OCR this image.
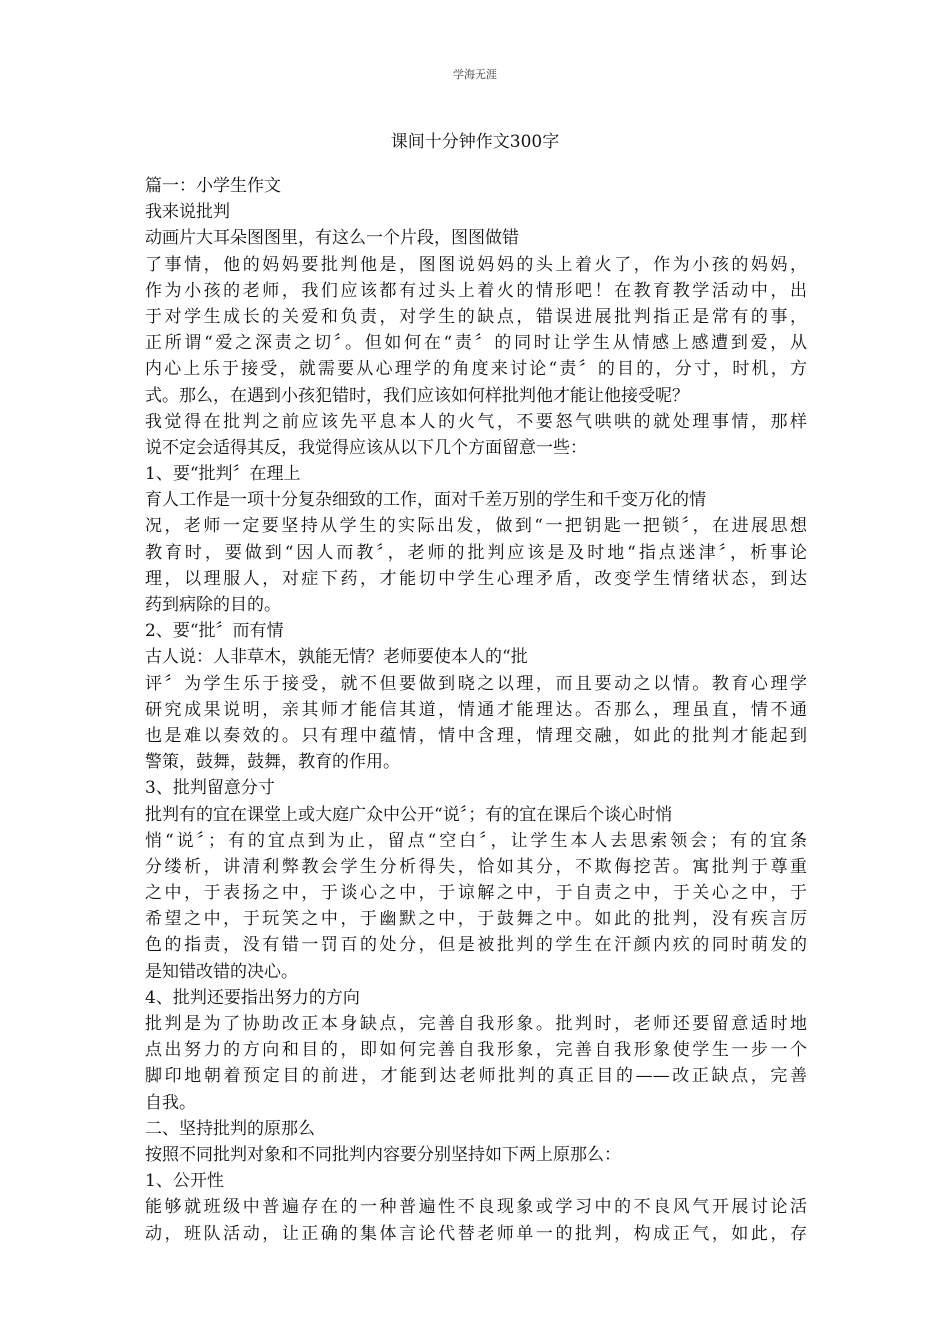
学海无涯
课间十分钟作文300字
篇一：小学生作文
我来说批判
动画片大耳朵图图里，有这么一个片段，图图做错
了事情，他的妈妈要批判他是，图图说妈妈的头上着火了，作为小孩的妈妈，
作为小孩的老师，我们应该都有过头上着火的情形吧！在教育教学活动中，出
于对学生成长的关爱和负责，对学生的缺点，错误进展批判指正是常有的事，
正所谓“爱之深责之切〞。但如何在“责〞的同时让学生从情感上感遭到爱，从
内心上乐于接受，就需要从心理学的角度来讨论“责〞的目的，分寸，时机，方
式。那么，在遇到小孩犯错时，我们应该如何样批判他才能让他接受呢？
我觉得在批判之前应该先平息本人的火气，不要怒气哄哄的就处理事情，那样
说不定会适得其反，我觉得应该从以下几个方面留意一些：
1、要“批判〞在理上
育人工作是一项十分复杂细致的工作，面对千差万别的学生和千变万化的情
况，老师一定要坚持从学生的实际出发，做到“一把钥匙一把锁〞，在进展思想
教育时，要做到“因人而教〞，老师的批判应该是及时地“指点迷津〞，析事论
理，以理服人，对症下药，才能切中学生心理矛盾，改变学生情绪状态，到达
药到病除的目的。
2、要“批〞而有情
古人说：人非草木，孰能无情？老师要使本人的“批
评〞为学生乐于接受，就不但要做到晓之以理，而且要动之以情。教育心理学
研究成果说明，亲其师才能信其道，情通才能理达。否那么，理虽直，情不通
也是难以奏效的。只有理中蕴情，情中含理，情理交融，如此的批判才能起到
警策，鼓舞，鼓舞，教育的作用。
3、批判留意分寸
批判有的宜在课堂上或大庭广众中公开“说〞；有的宜在课后个谈心时悄
悄“说〞；有的宜点到为止，留点“空白〞，让学生本人去思索领会；有的宜条
分缕析，讲清利弊教会学生分析得失，恰如其分，不欺侮挖苦。寓批判于尊重
之中，于表扬之中，于谈心之中，于谅解之中，于自责之中，于关心之中，于
希望之中，于玩笑之中，于幽默之中，于鼓舞之中。如此的批判，没有疾言厉
色的指责，没有错一罚百的处分，但是被批判的学生在汗颜内疚的同时萌发的
是知错改错的决心。
4、批判还要指出努力的方向
批判是为了协助改正本身缺点，完善自我形象。批判时，老师还要留意适时地
点出努力的方向和目的，即如何完善自我形象，完善自我形象使学生一步一个
脚印地朝着预定目的前进，才能到达老师批判的真正目的——改正缺点，完善
自我。
二、坚持批判的原那么
按照不同批判对象和不同批判内容要分别坚持如下两上原那么：
1、公开性
能够就班级中普遍存在的一种普遍性不良现象或学习中的不良风气开展讨论活
动，班队活动，让正确的集体言论代替老师单一的批判，构成正气，如此，存
